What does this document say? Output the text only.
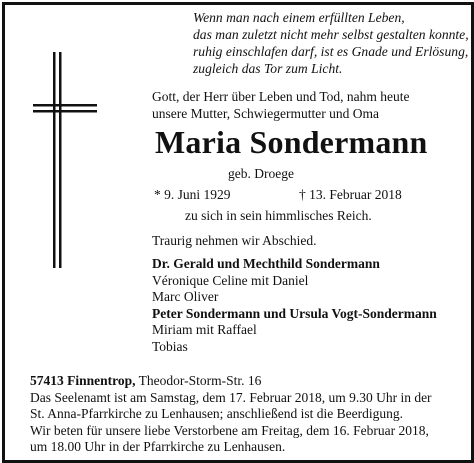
Wenn man nach einem erfüllten Leben,
das man zuletzt nicht mehr selbst gestalten konnte,
ruhig einschlafen darf, ist es Gnade und Erlösung,
zugleich das Tor zum Licht.
Gott, der Herr über Leben und Tod, nahm heute
unsere Mutter, Schwiegermutter und Oma
Maria Sondermann
geb. Droege
* 9. Juni 1929	† 13. Februar 2018
zu sich in sein himmlisches Reich.
Traurig nehmen wir Abschied.
Dr. Gerald und Mechthild Sondermann
Véronique Celine mit Daniel
Marc Oliver
Peter Sondermann und Ursula Vogt-Sondermann
Miriam mit Raffael
Tobias
57413 Finnentrop, Theodor-Storm-Str. 16
Das Seelenamt ist am Samstag, dem 17. Februar 2018, um 9.30 Uhr in der
St. Anna-Pfarrkirche zu Lenhausen; anschließend ist die Beerdigung.
Wir beten für unsere liebe Verstorbene am Freitag, dem 16. Februar 2018,
um 18.00 Uhr in der Pfarrkirche zu Lenhausen.
